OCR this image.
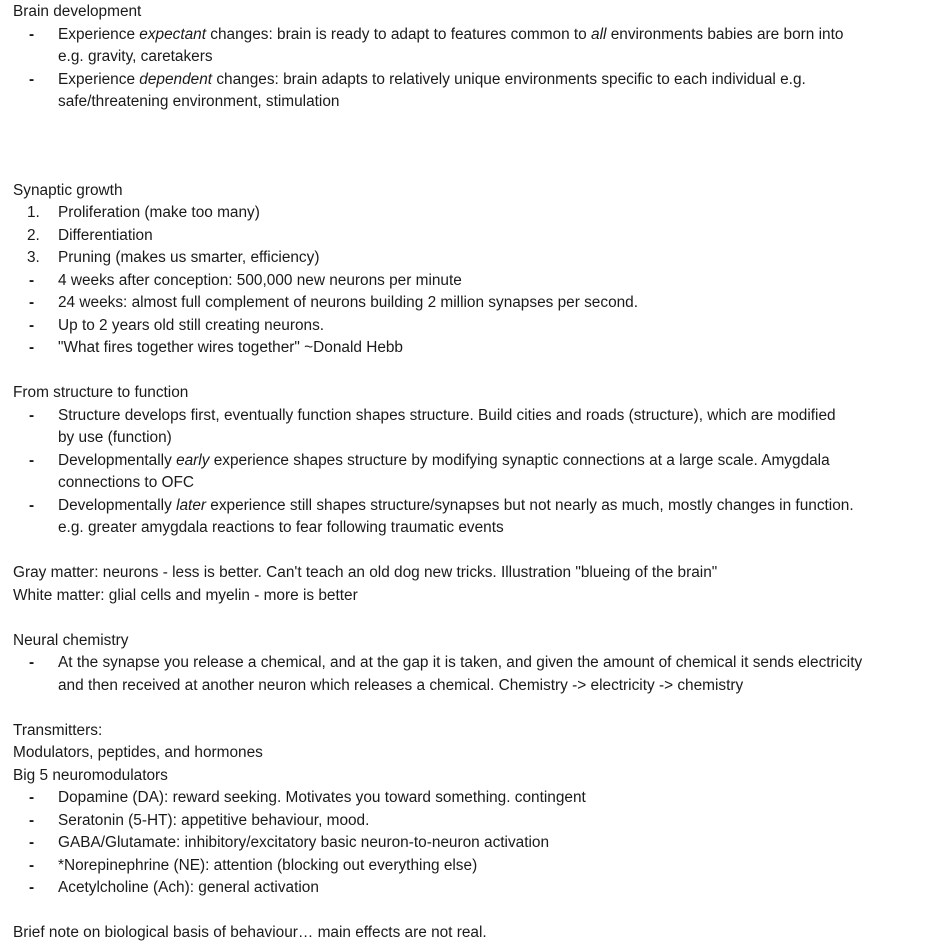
Brain development

-	Experience expectant changes: brain is ready to adapt to features common to all environments babies are born into
e.g. gravity, caretakers
-	Experience dependent changes: brain adapts to relatively unique environments specific to each individual e.g.
safe/threatening environment, stimulation

Synaptic growth

1.	Proliferation (make too many)
2.	Differentiation
3.	Pruning (makes us smarter, efficiency)
-	4 weeks after conception: 500,000 new neurons per minute
-	24 weeks: almost full complement of neurons building 2 million synapses per second.
-	Up to 2 years old still creating neurons.
-	"What fires together wires together" ~Donald Hebb

From structure to function

-	Structure develops first, eventually function shapes structure. Build cities and roads (structure), which are modified
by use (function)
-	Developmentally early experience shapes structure by modifying synaptic connections at a large scale. Amygdala
connections to OFC
-	Developmentally later experience still shapes structure/synapses but not nearly as much, mostly changes in function.
e.g. greater amygdala reactions to fear following traumatic events

Gray matter: neurons - less is better. Can't teach an old dog new tricks. Illustration "blueing of the brain"

White matter: glial cells and myelin - more is better

Neural chemistry

-	At the synapse you release a chemical, and at the gap it is taken, and given the amount of chemical it sends electricity
and then received at another neuron which releases a chemical. Chemistry -> electricity -> chemistry

Transmitters:

Modulators, peptides, and hormones

Big 5 neuromodulators

-	Dopamine (DA): reward seeking. Motivates you toward something. contingent
-	Seratonin (5-HT): appetitive behaviour, mood.
-	GABA/Glutamate: inhibitory/excitatory basic neuron-to-neuron activation
-	*Norepinephrine (NE): attention (blocking out everything else)
-	Acetylcholine (Ach): general activation

Brief note on biological basis of behaviour… main effects are not real.
